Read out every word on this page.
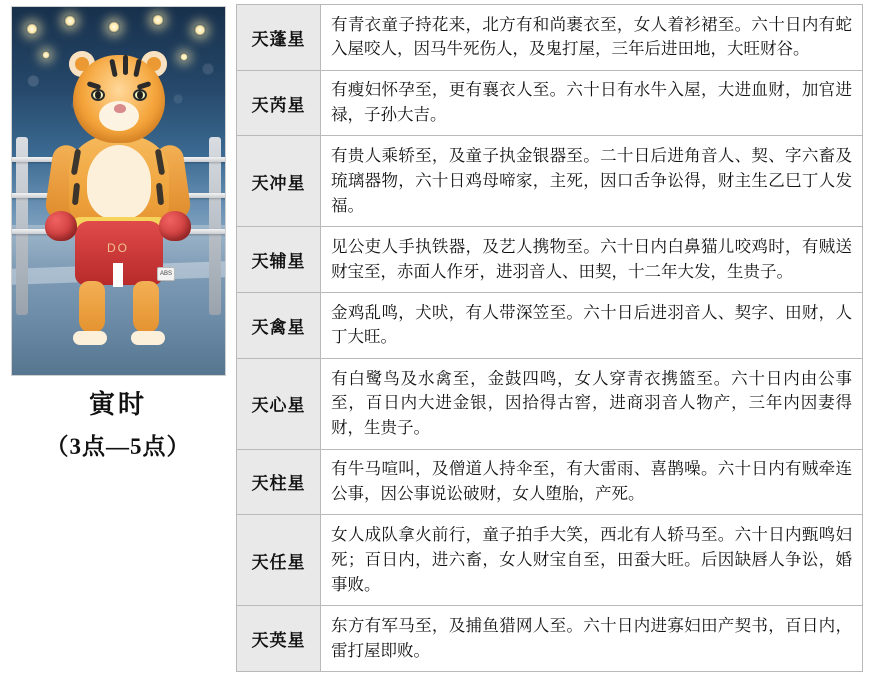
DO
ABS
寅时
（3点—5点）
天蓬星	有青衣童子持花来，北方有和尚裹衣至，女人着衫裙至。六十日内有蛇入屋咬人，因马牛死伤人，及鬼打屋，三年后进田地，大旺财谷。
天芮星	有瘦妇怀孕至，更有襄衣人至。六十日有水牛入屋，大进血财，加官进禄，子孙大吉。
天冲星	有贵人乘轿至，及童子执金银器至。二十日后进角音人、契、字六畜及琉璃器物，六十日鸡母啼家，主死，因口舌争讼得，财主生乙巳丁人发福。
天辅星	见公吏人手执铁器，及艺人携物至。六十日内白鼻猫儿咬鸡时，有贼送财宝至，赤面人作牙，进羽音人、田契，十二年大发，生贵子。
天禽星	金鸡乱鸣，犬吠，有人带深笠至。六十日后进羽音人、契字、田财，人丁大旺。
天心星	有白鹭鸟及水禽至，金鼓四鸣，女人穿青衣携篮至。六十日内由公事至，百日内大进金银，因拾得古窖，进商羽音人物产，三年内因妻得财，生贵子。
天柱星	有牛马喧叫，及僧道人持伞至，有大雷雨、喜鹊噪。六十日内有贼牵连公事，因公事说讼破财，女人堕胎，产死。
天任星	女人成队拿火前行，童子拍手大笑，西北有人轿马至。六十日内甄鸣妇死；百日内，进六畜，女人财宝自至，田蚕大旺。后因缺唇人争讼，婚事败。
天英星	东方有军马至，及捕鱼猎网人至。六十日内进寡妇田产契书，百日内，雷打屋即败。
